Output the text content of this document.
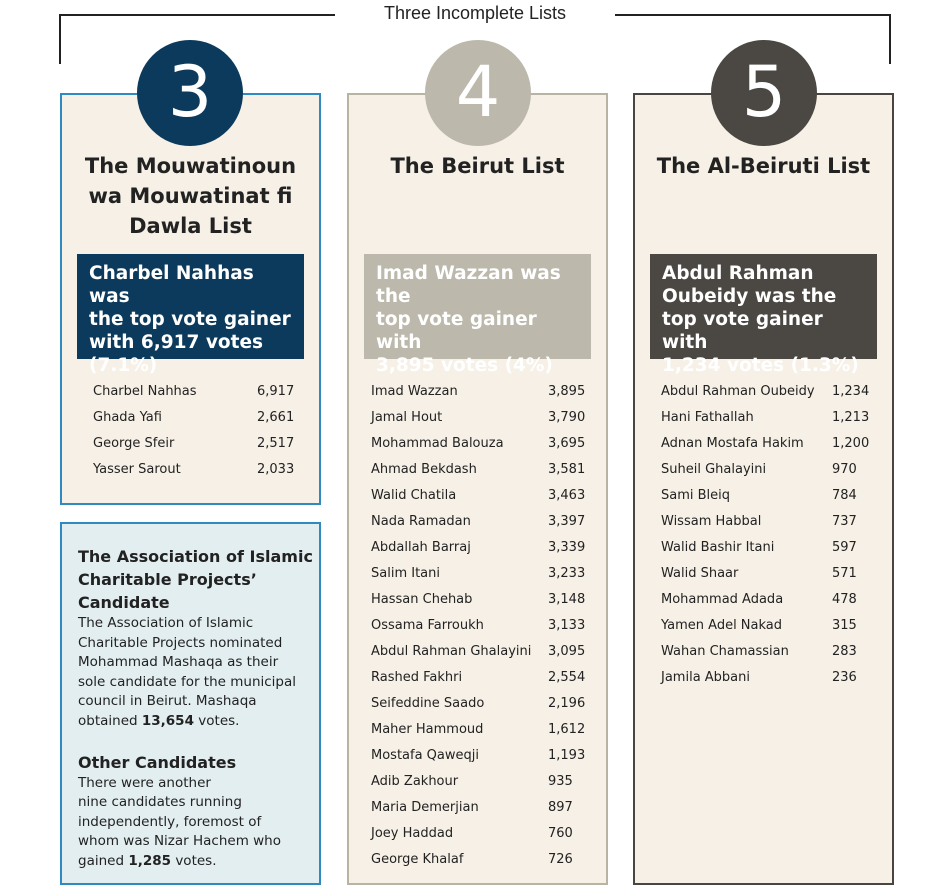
Three Incomplete Lists
3
The Mouwatinoun
wa Mouwatinat fi
Dawla List
Charbel Nahhas was
the top vote gainer
with 6,917 votes
(7.1%)
Charbel Nahhas	6,917
Ghada Yafi	2,661
George Sfeir	2,517
Yasser Sarout	2,033
4
The Beirut List
Imad Wazzan was the
top vote gainer with
3,895 votes (4%)
Imad Wazzan	3,895
Jamal Hout	3,790
Mohammad Balouza	3,695
Ahmad Bekdash	3,581
Walid Chatila	3,463
Nada Ramadan	3,397
Abdallah Barraj	3,339
Salim Itani	3,233
Hassan Chehab	3,148
Ossama Farroukh	3,133
Abdul Rahman Ghalayini 3,095
Rashed Fakhri	2,554
Seifeddine Saado	2,196
Maher Hammoud	1,612
Mostafa Qaweqji	1,193
Adib Zakhour	935
Maria Demerjian	897
Joey Haddad	760
George Khalaf	726
5
The Al-Beiruti List
Abdul Rahman
Oubeidy was the
top vote gainer with
1,234 votes (1.3%)
Abdul Rahman Oubeidy 1,234
Hani Fathallah	1,213
Adnan Mostafa Hakim 1,200
Suheil Ghalayini	970
Sami Bleiq	784
Wissam Habbal	737
Walid Bashir Itani	597
Walid Shaar	571
Mohammad Adada	478
Yamen Adel Nakad	315
Wahan Chamassian	283
Jamila Abbani	236
The Association of Islamic
Charitable Projects’
Candidate

The Association of Islamic
Charitable Projects nominated
Mohammad Mashaqa as their
sole candidate for the municipal
council in Beirut. Mashaqa
obtained 13,654 votes.

Other Candidates

There were another
nine candidates running
independently, foremost of
whom was Nizar Hachem who
gained 1,285 votes.
